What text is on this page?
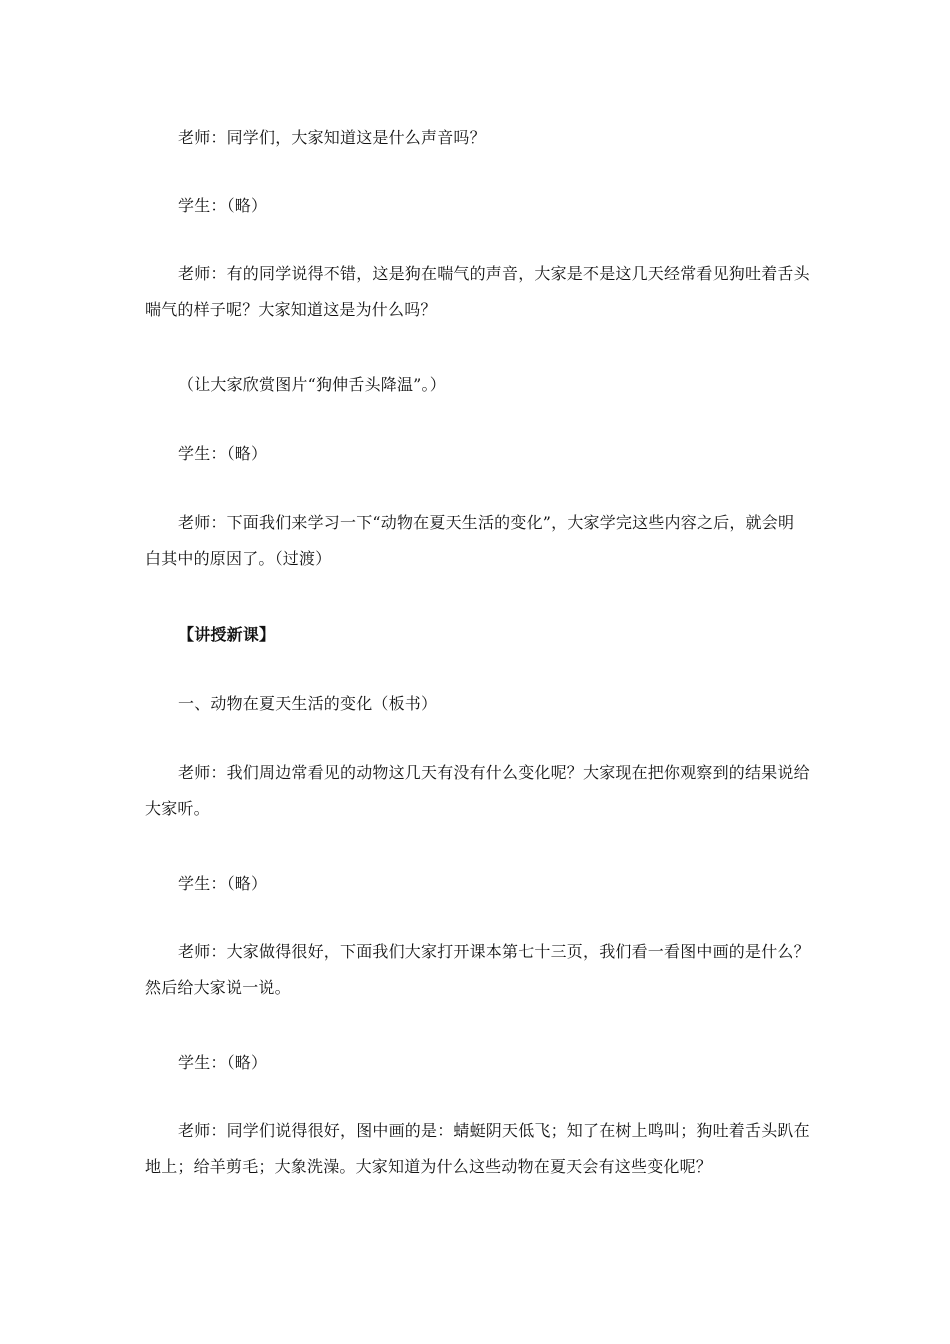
老师：同学们，大家知道这是什么声音吗？

学生：（略）

老师：有的同学说得不错，这是狗在喘气的声音，大家是不是这几天经常看见狗吐着舌头喘气的样子呢？大家知道这是为什么吗？

（让大家欣赏图片“狗伸舌头降温”。）

学生：（略）

老师：下面我们来学习一下“动物在夏天生活的变化”，大家学完这些内容之后，就会明白其中的原因了。（过渡）

【讲授新课】

一、动物在夏天生活的变化（板书）

老师：我们周边常看见的动物这几天有没有什么变化呢？大家现在把你观察到的结果说给大家听。

学生：（略）

老师：大家做得很好，下面我们大家打开课本第七十三页，我们看一看图中画的是什么？然后给大家说一说。

学生：（略）

老师：同学们说得很好，图中画的是：蜻蜓阴天低飞；知了在树上鸣叫；狗吐着舌头趴在地上；给羊剪毛；大象洗澡。大家知道为什么这些动物在夏天会有这些变化呢？
